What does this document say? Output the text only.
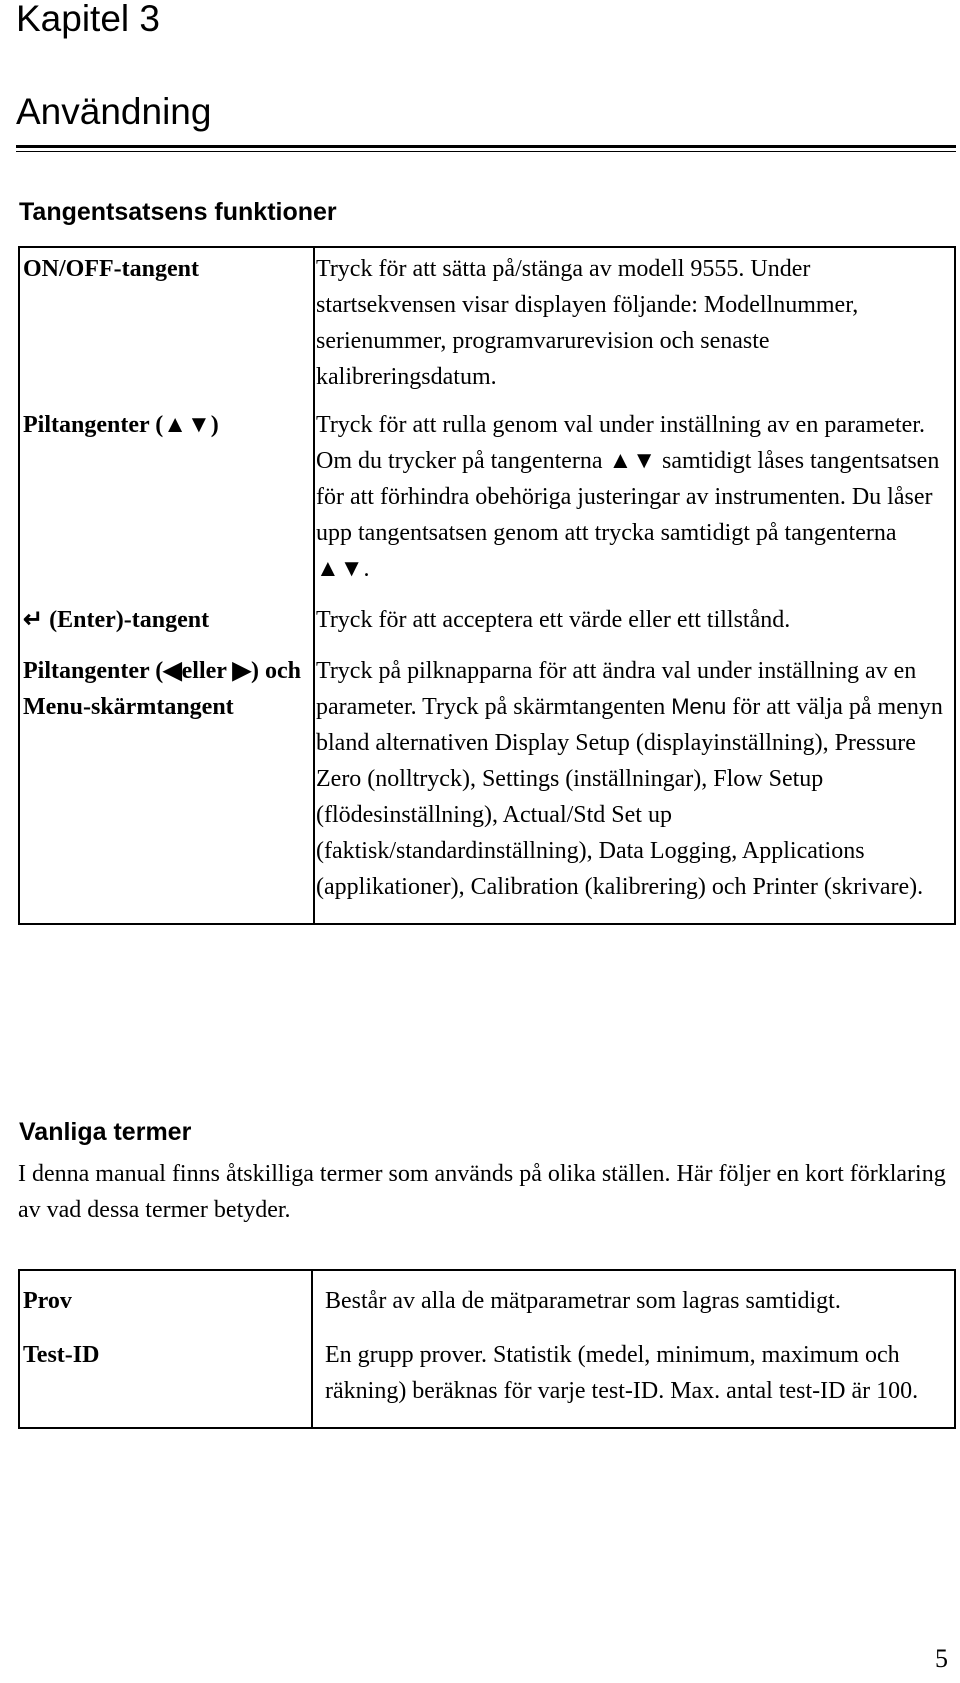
Kapitel 3
Användning
Tangentsatsens funktioner
ON/OFF-tangent	Tryck för att sätta på/stänga av modell 9555. Under startsekvensen visar displayen följande: Modellnummer, serienummer, programvarurevision och senaste kalibreringsdatum.
Piltangenter (▲▼)	Tryck för att rulla genom val under inställning av en parameter. Om du trycker på tangenterna ▲▼ samtidigt låses tangentsatsen för att förhindra obehöriga justeringar av instrumenten. Du låser upp tangentsatsen genom att trycka samtidigt på tangenterna ▲▼.
↵ (Enter)-tangent	Tryck för att acceptera ett värde eller ett tillstånd.
Piltangenter (◀eller ▶) och Menu-skärmtangent	Tryck på pilknapparna för att ändra val under inställning av en parameter. Tryck på skärmtangenten Menu för att välja på menyn bland alternativen Display Setup (displayinställning), Pressure Zero (nolltryck), Settings (inställningar), Flow Setup (flödesinställning), Actual/Std Set up (faktisk/standardinställning), Data Logging, Applications (applikationer), Calibration (kalibrering) och Printer (skrivare).
Vanliga termer

I denna manual finns åtskilliga termer som används på olika ställen. Här följer en kort förklaring av vad dessa termer betyder.

Prov	Består av alla de mätparametrar som lagras samtidigt.
Test-ID	En grupp prover. Statistik (medel, minimum, maximum och räkning) beräknas för varje test-ID. Max. antal test-ID är 100.

5
